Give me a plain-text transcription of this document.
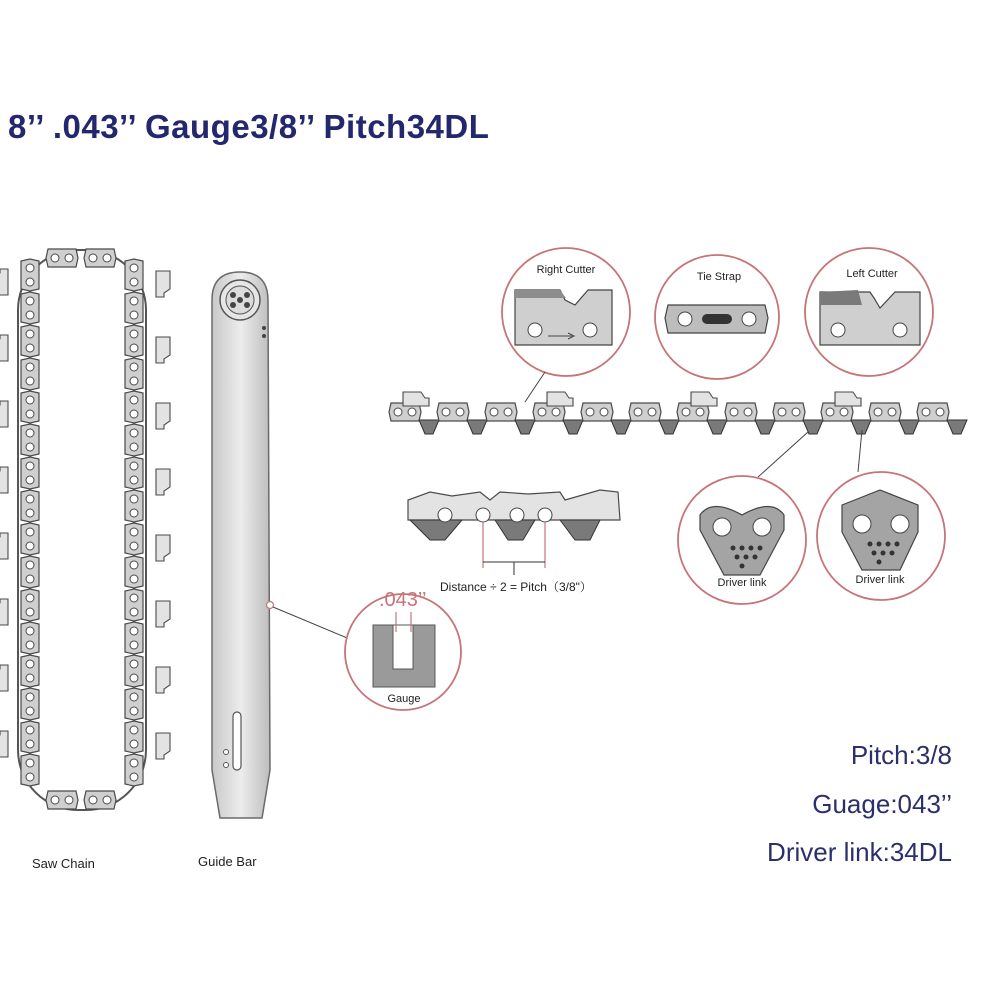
8’’ .043’’ Gauge3/8’’ Pitch34DL
Saw Chain	Guide Bar
Right Cutter
Tie Strap	Left Cutter
Driver link	Driver link
Gauge
.043’’
Distance ÷ 2 = Pitch（3/8"）
Pitch:3/8
Guage:043’’
Driver link:34DL
